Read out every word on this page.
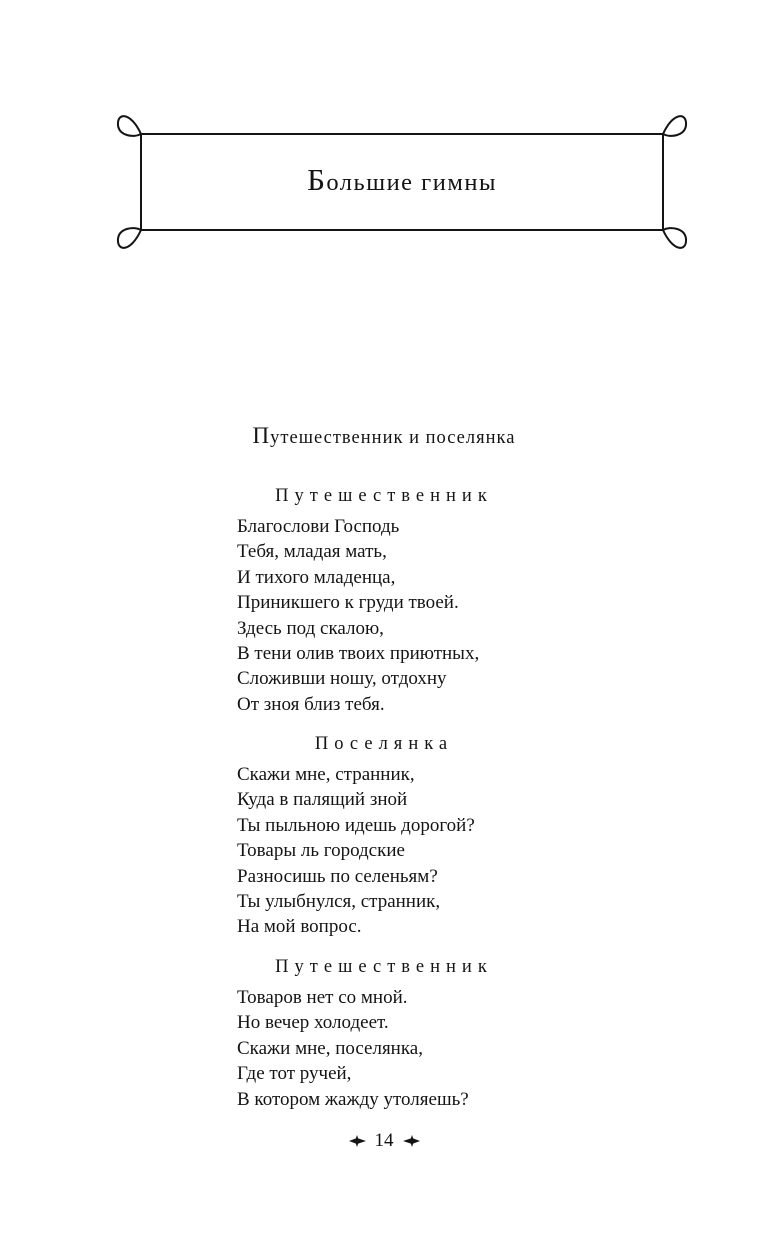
Большие гимны
Путешественник и поселянка
Путешественник
Благослови Господь
Тебя, младая мать,
И тихого младенца,
Приникшего к груди твоей.
Здесь под скалою,
В тени олив твоих приютных,
Сложивши ношу, отдохну
От зноя близ тебя.
Поселянка
Скажи мне, странник,
Куда в палящий зной
Ты пыльною идешь дорогой?
Товары ль городские
Разносишь по селеньям?
Ты улыбнулся, странник,
На мой вопрос.
Путешественник
Товаров нет со мной.
Но вечер холодеет.
Скажи мне, поселянка,
Где тот ручей,
В котором жажду утоляешь?
14
